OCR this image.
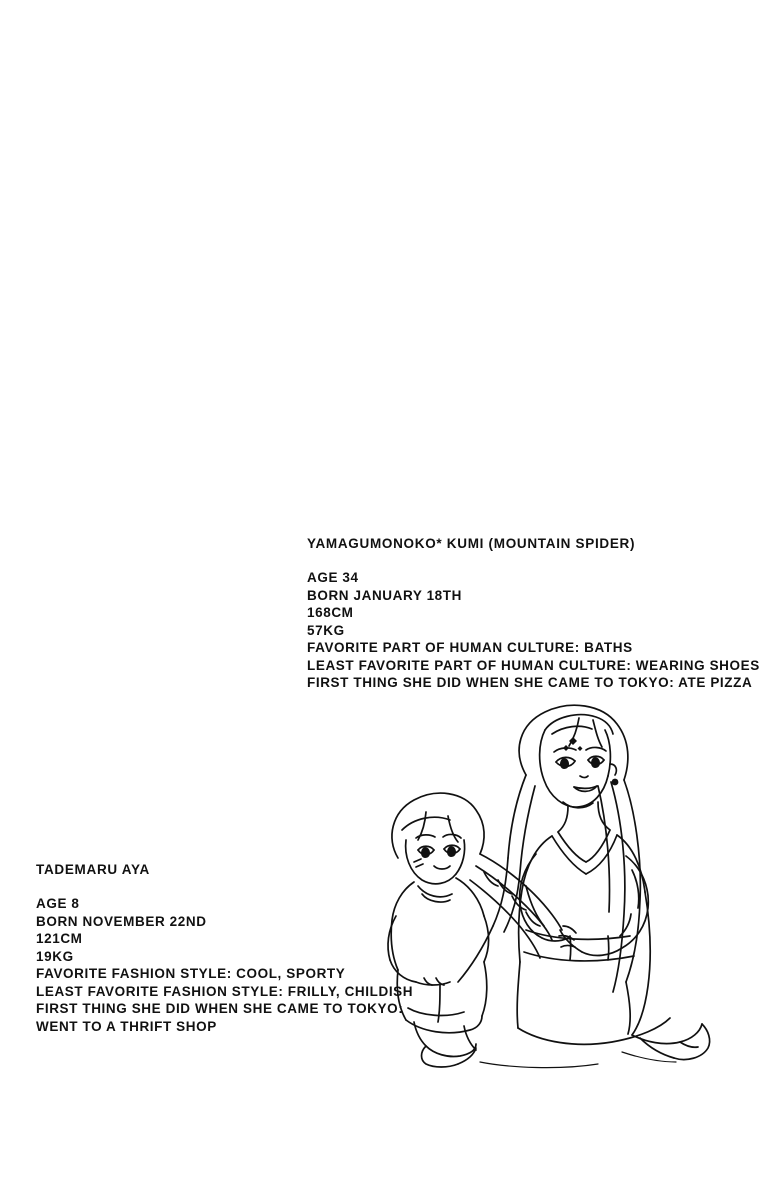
YAMAGUMONOKO* KUMI (MOUNTAIN SPIDER)
AGE 34
BORN JANUARY 18TH
168CM
57KG
FAVORITE PART OF HUMAN CULTURE: BATHS
LEAST FAVORITE PART OF HUMAN CULTURE: WEARING SHOES
FIRST THING SHE DID WHEN SHE CAME TO TOKYO: ATE PIZZA
TADEMARU AYA
AGE 8
BORN NOVEMBER 22ND
121CM
19KG
FAVORITE FASHION STYLE: COOL, SPORTY
LEAST FAVORITE FASHION STYLE: FRILLY, CHILDISH
FIRST THING SHE DID WHEN SHE CAME TO TOKYO:
WENT TO A THRIFT SHOP
